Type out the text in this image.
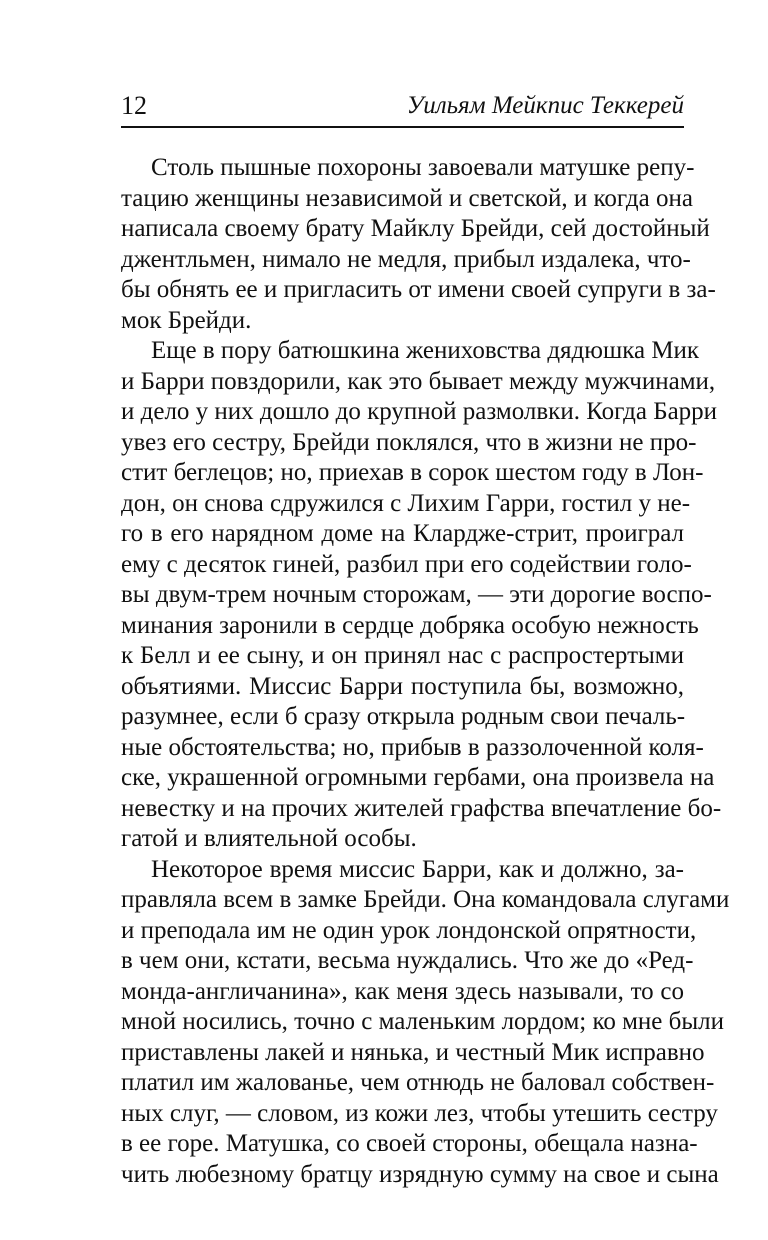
12	Уильям Мейкпис Теккерей
Столь пышные похороны завоевали матушке репу-
тацию женщины независимой и светской, и когда она
написала своему брату Майклу Брейди, сей достойный
джентльмен, нимало не медля, прибыл издалека, что-
бы обнять ее и пригласить от имени своей супруги в за-
мок Брейди.
Еще в пору батюшкина жениховства дядюшка Мик
и Барри повздорили, как это бывает между мужчинами,
и дело у них дошло до крупной размолвки. Когда Барри
увез его сестру, Брейди поклялся, что в жизни не про-
стит беглецов; но, приехав в сорок шестом году в Лон-
дон, он снова сдружился с Лихим Гарри, гостил у не-
го в его нарядном доме на Клардже-стрит, проиграл
ему с десяток гиней, разбил при его содействии голо-
вы двум-трем ночным сторожам, — эти дорогие воспо-
минания заронили в сердце добряка особую нежность
к Белл и ее сыну, и он принял нас с распростертыми
объятиями. Миссис Барри поступила бы, возможно,
разумнее, если б сразу открыла родным свои печаль-
ные обстоятельства; но, прибыв в раззолоченной коля-
ске, украшенной огромными гербами, она произвела на
невестку и на прочих жителей графства впечатление бо-
гатой и влиятельной особы.
Некоторое время миссис Барри, как и должно, за-
правляла всем в замке Брейди. Она командовала слугами
и преподала им не один урок лондонской опрятности,
в чем они, кстати, весьма нуждались. Что же до «Ред-
монда-англичанина», как меня здесь называли, то со
мной носились, точно с маленьким лордом; ко мне были
приставлены лакей и нянька, и честный Мик исправно
платил им жалованье, чем отнюдь не баловал собствен-
ных слуг, — словом, из кожи лез, чтобы утешить сестру
в ее горе. Матушка, со своей стороны, обещала назна-
чить любезному братцу изрядную сумму на свое и сына
